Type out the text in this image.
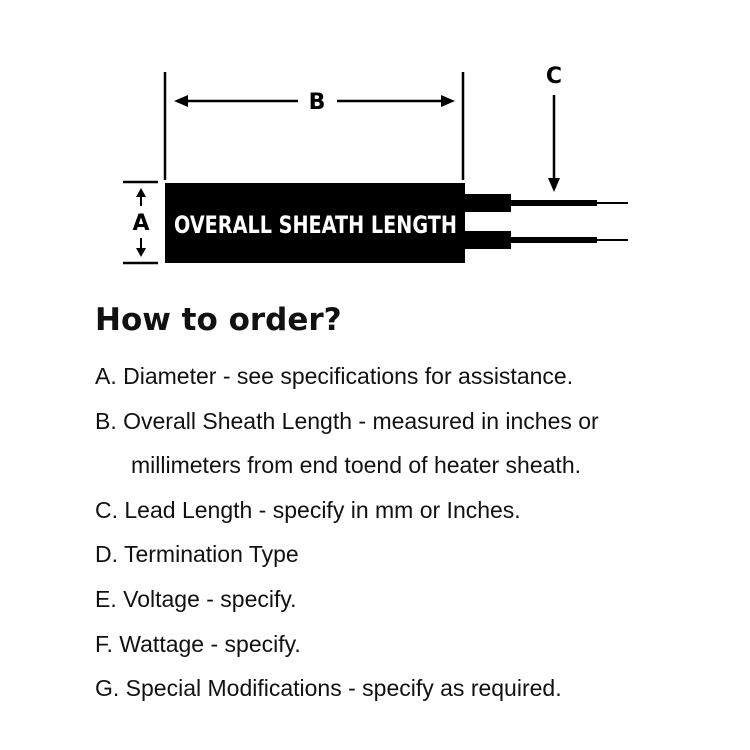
B
C
A OVERALL SHEATH LENGTH
How to order?
A. Diameter - see specifications for assistance.
B. Overall Sheath Length - measured in inches or
millimeters from end toend of heater sheath.
C. Lead Length - specify in mm or Inches.
D. Termination Type
E. Voltage - specify.
F. Wattage - specify.
G. Special Modifications - specify as required.
